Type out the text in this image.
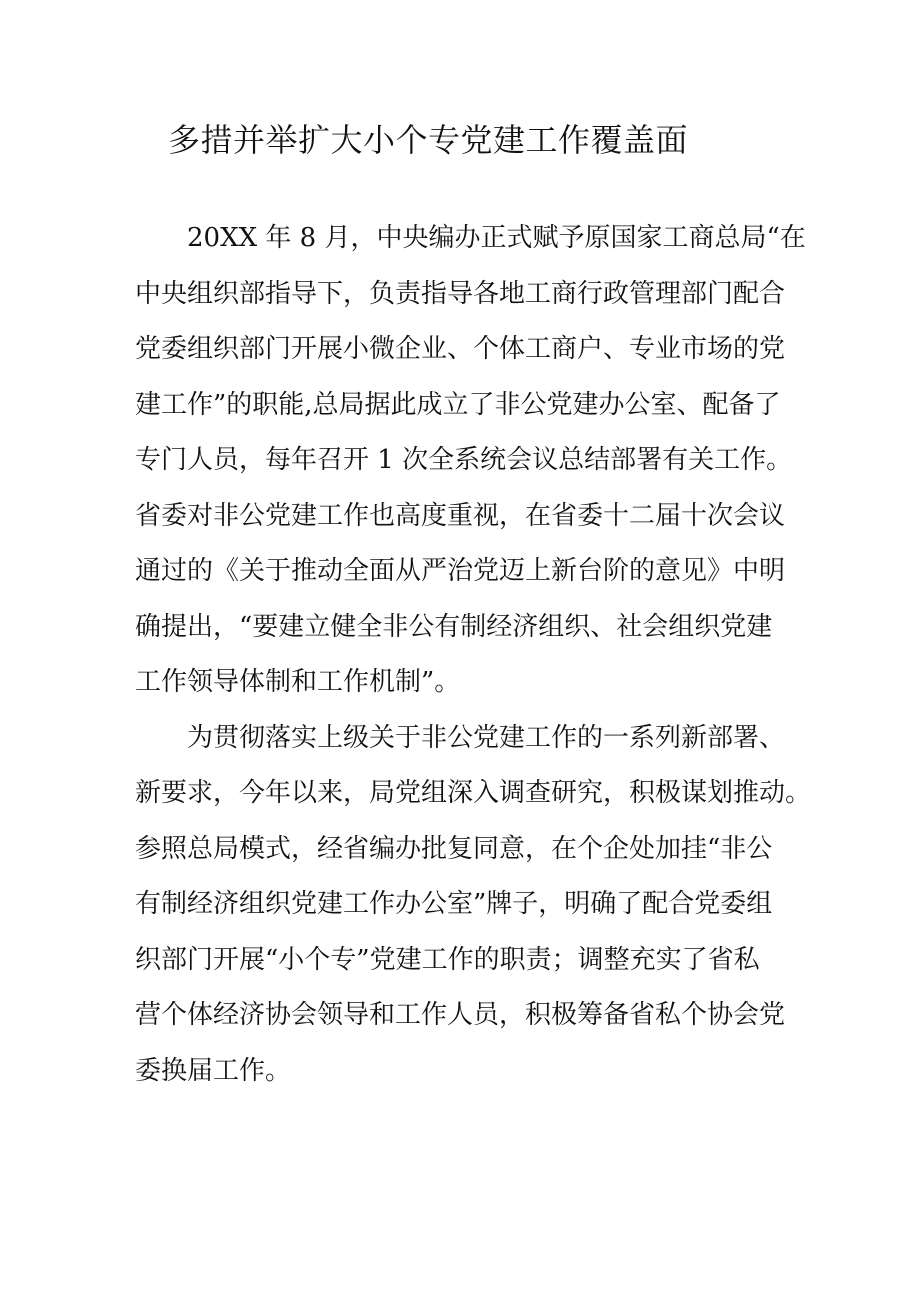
多措并举扩大小个专党建工作覆盖面

20XX 年 8 月，中央编办正式赋予原国家工商总局“在
中央组织部指导下，负责指导各地工商行政管理部门配合
党委组织部门开展小微企业、个体工商户、专业市场的党
建工作”的职能,总局据此成立了非公党建办公室、配备了
专门人员，每年召开 1 次全系统会议总结部署有关工作。
省委对非公党建工作也高度重视，在省委十二届十次会议
通过的《关于推动全面从严治党迈上新台阶的意见》中明
确提出，“要建立健全非公有制经济组织、社会组织党建
工作领导体制和工作机制”。

为贯彻落实上级关于非公党建工作的一系列新部署、
新要求，今年以来，局党组深入调查研究，积极谋划推动。
参照总局模式，经省编办批复同意，在个企处加挂“非公
有制经济组织党建工作办公室”牌子，明确了配合党委组
织部门开展“小个专”党建工作的职责；调整充实了省私
营个体经济协会领导和工作人员，积极筹备省私个协会党
委换届工作。
